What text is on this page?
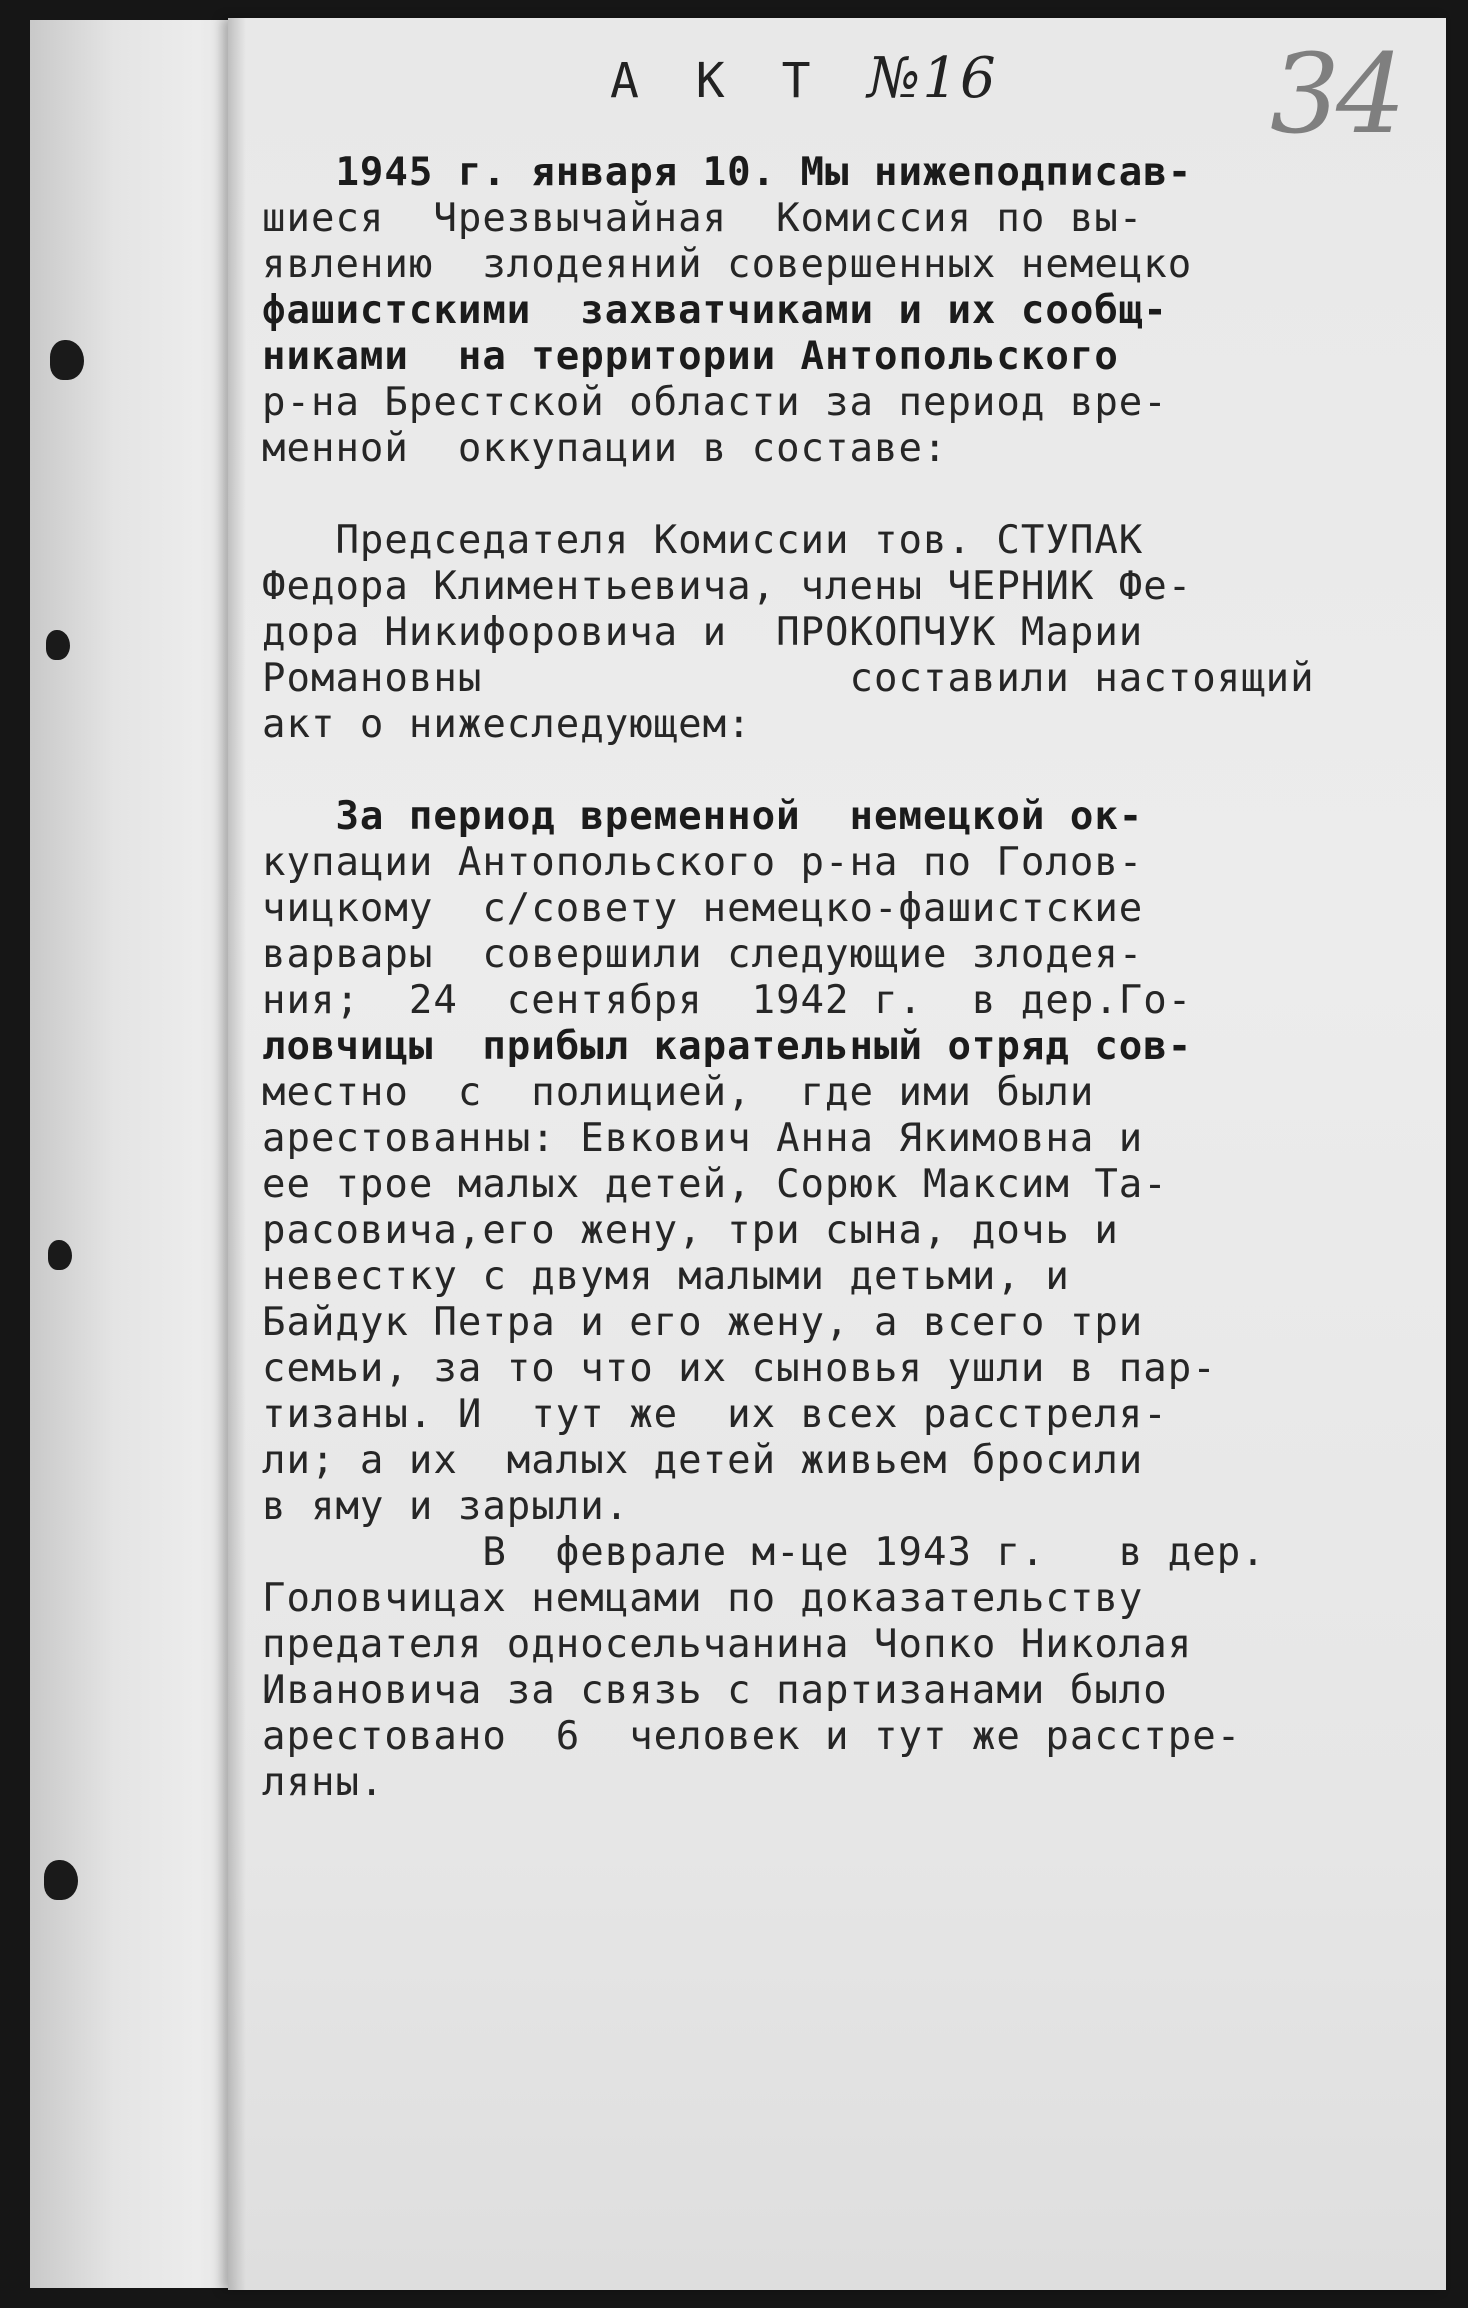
34
А К Т №16
1945 г. января 10. Мы нижеподписав-
шиеся  Чрезвычайная  Комиссия по вы-
явлению  злодеяний совершенных немецко
фашистскими  захватчиками и их сообщ-
никами  на территории Антопольского
р-на Брестской области за период вре-
менной  оккупации в составе:
Председателя Комиссии тов. СТУПАК
Федора Климентьевича, члены ЧЕРНИК Фе-
дора Никифоровича и  ПРОКОПЧУК Марии
Романовны               составили настоящий
акт о нижеследующем:
За период временной  немецкой ок-
купации Антопольского р-на по Голов-
чицкому  с/совету немецко-фашистские
варвары  совершили следующие злодея-
ния;  24  сентября  1942 г.  в дер.Го-
ловчицы  прибыл карательный отряд сов-
местно  с  полицией,  где ими были
арестованны: Евкович Анна Якимовна и
ее трое малых детей, Сорюк Максим Та-
расовича,его жену, три сына, дочь и
невестку с двумя малыми детьми, и
Байдук Петра и его жену, а всего три
семьи, за то что их сыновья ушли в пар-
тизаны. И  тут же  их всех расстреля-
ли; а их  малых детей живьем бросили
в яму и зарыли.
В  феврале м-це 1943 г.   в дер.
Головчицах немцами по доказательству
предателя односельчанина Чопко Николая
Ивановича за связь с партизанами было
арестовано  6  человек и тут же расстре-
ляны.
